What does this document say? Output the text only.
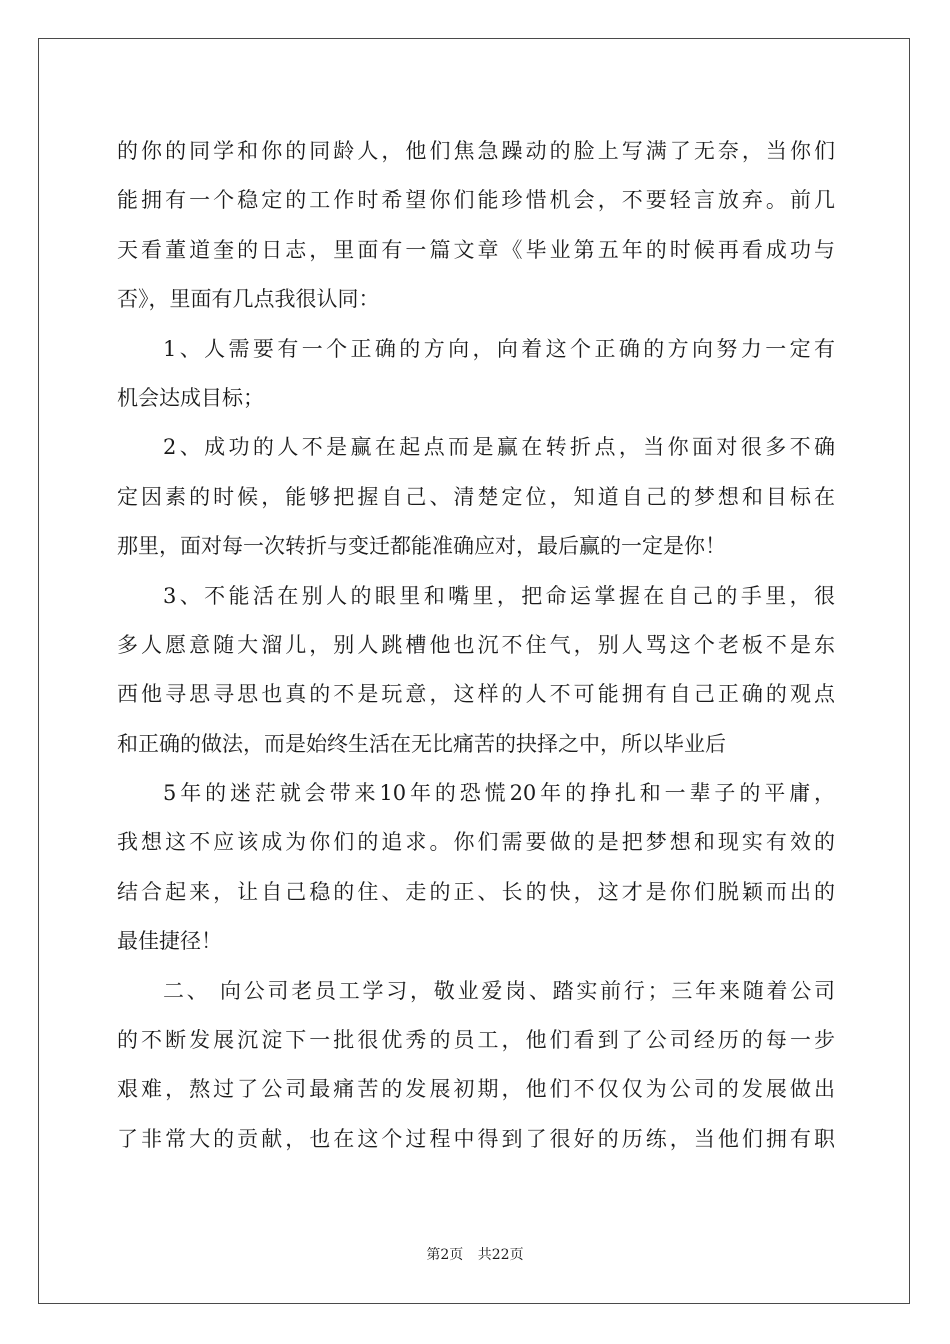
的你的同学和你的同龄人，他们焦急躁动的脸上写满了无奈，当你们
能拥有一个稳定的工作时希望你们能珍惜机会，不要轻言放弃。前几
天看董道奎的日志，里面有一篇文章《毕业第五年的时候再看成功与
否》，里面有几点我很认同：
1、人需要有一个正确的方向，向着这个正确的方向努力一定有
机会达成目标；
2、成功的人不是赢在起点而是赢在转折点，当你面对很多不确
定因素的时候，能够把握自己、清楚定位，知道自己的梦想和目标在
那里，面对每一次转折与变迁都能准确应对，最后赢的一定是你！
3、不能活在别人的眼里和嘴里，把命运掌握在自己的手里，很
多人愿意随大溜儿，别人跳槽他也沉不住气，别人骂这个老板不是东
西他寻思寻思也真的不是玩意，这样的人不可能拥有自己正确的观点
和正确的做法，而是始终生活在无比痛苦的抉择之中，所以毕业后
5年的迷茫就会带来10年的恐慌20年的挣扎和一辈子的平庸，
我想这不应该成为你们的追求。你们需要做的是把梦想和现实有效的
结合起来，让自己稳的住、走的正、长的快，这才是你们脱颖而出的
最佳捷径！
二、 向公司老员工学习，敬业爱岗、踏实前行；三年来随着公司
的不断发展沉淀下一批很优秀的员工，他们看到了公司经历的每一步
艰难，熬过了公司最痛苦的发展初期，他们不仅仅为公司的发展做出
了非常大的贡献，也在这个过程中得到了很好的历练，当他们拥有职
第2页 共22页
